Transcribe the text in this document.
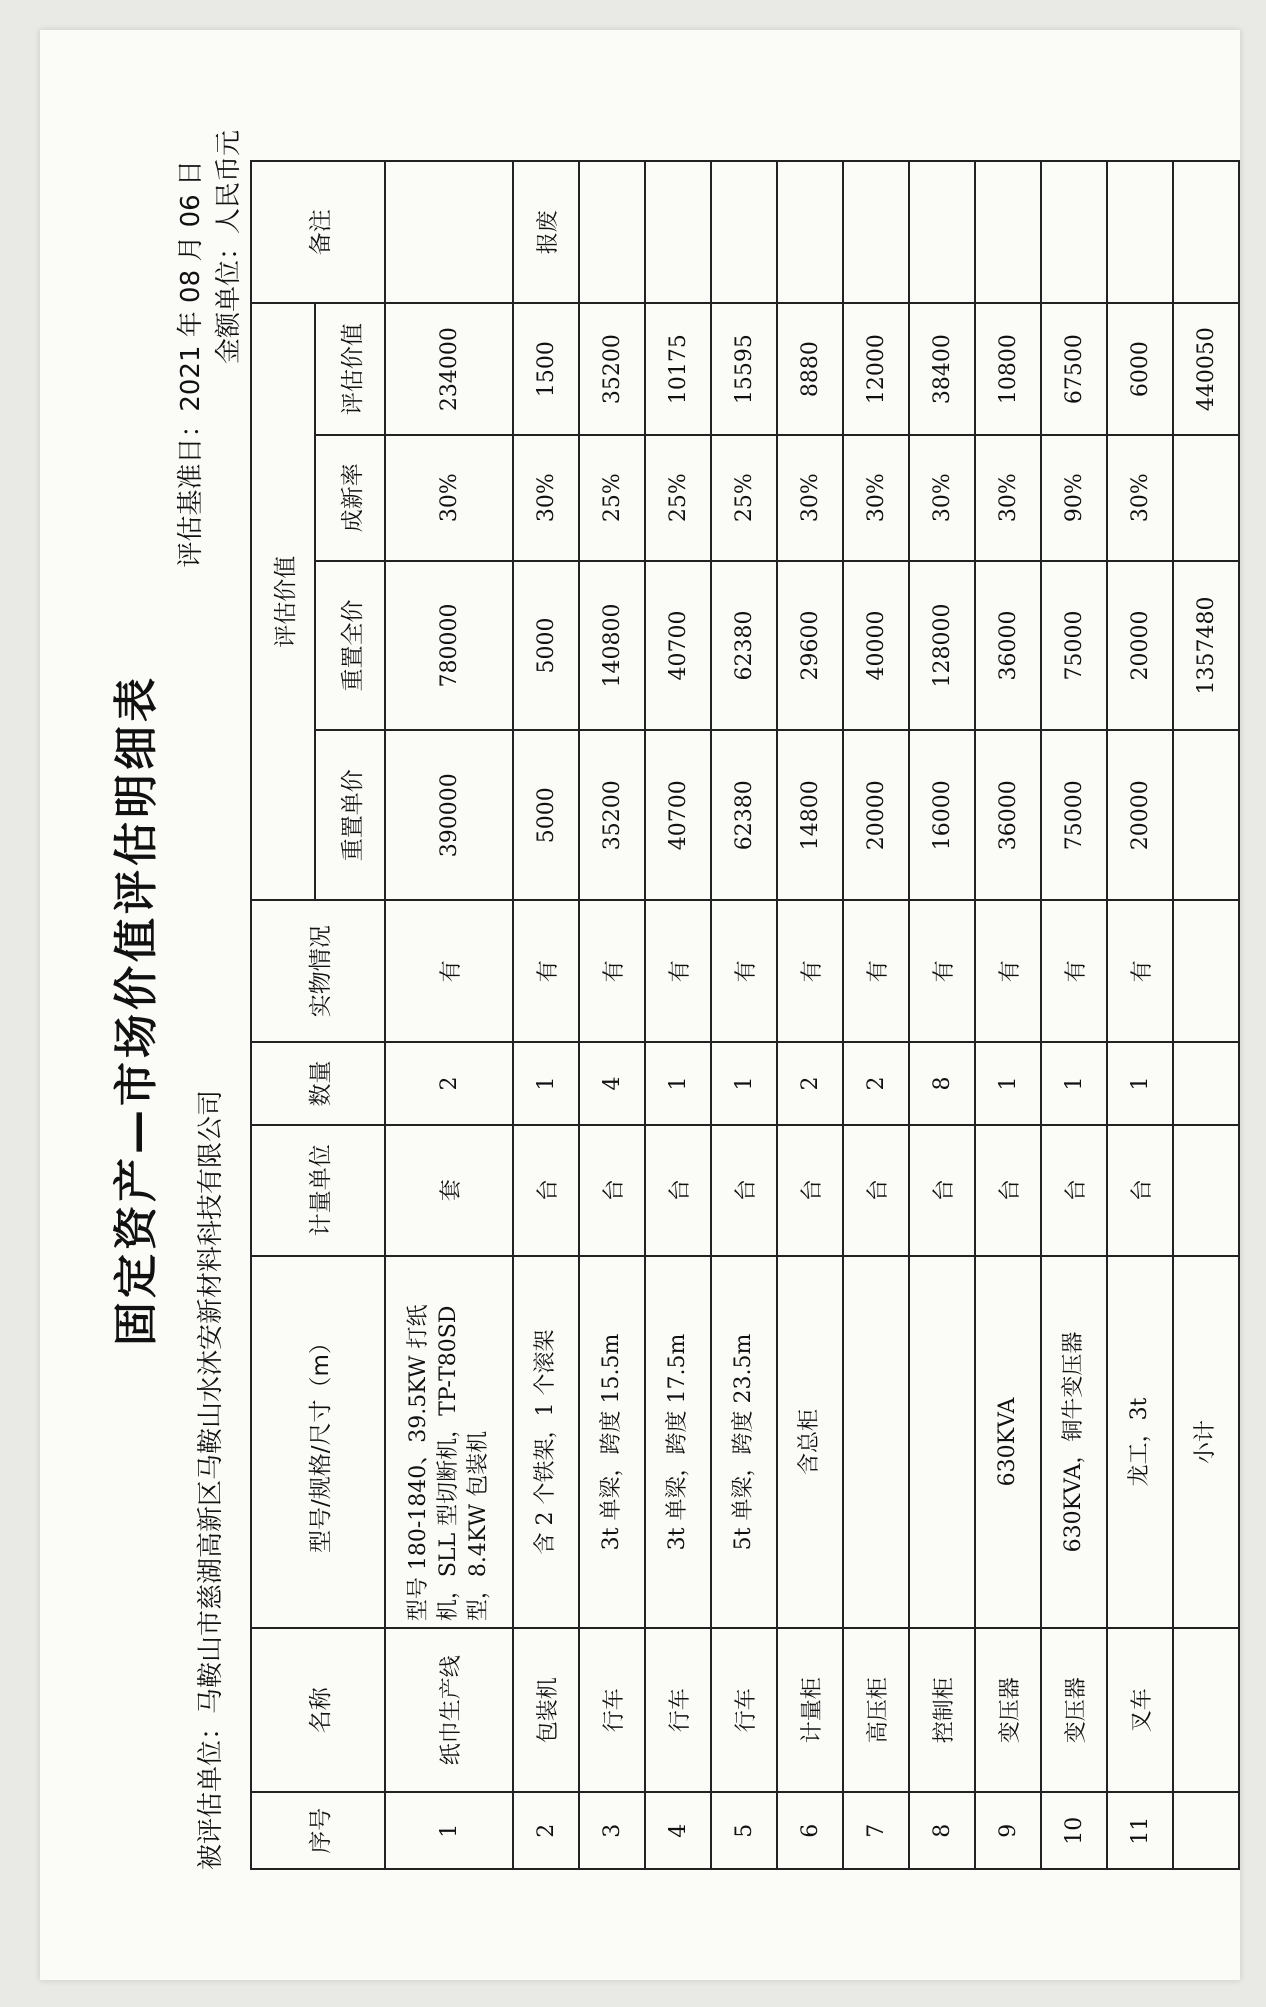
固定资产—市场价值评估明细表
被评估单位：马鞍山市慈湖高新区马鞍山水沐安新材料科技有限公司
评估基准日：2021 年 08 月 06 日 金额单位：人民币元
序号	名称	型号/规格/尺寸（m）	计量单位	数量	实物情况	评估价值				备注
						重置单价	重置全价	成新率	评估价值	
1	纸巾生产线	型号 180-1840、39.5KW 打纸机，SLL 型切断机，TP-T80SD 型，8.4KW 包装机	套	2	有	390000	780000	30%	234000	
2	包装机	含 2 个铁架，1 个滚架	台	1	有	5000	5000	30%	1500	报废
3	行车	3t 单梁，跨度 15.5m	台	4	有	35200	140800	25%	35200	
4	行车	3t 单梁，跨度 17.5m	台	1	有	40700	40700	25%	10175	
5	行车	5t 单梁，跨度 23.5m	台	1	有	62380	62380	25%	15595	
6	计量柜	含总柜	台	2	有	14800	29600	30%	8880	
7	高压柜		台	2	有	20000	40000	30%	12000	
8	控制柜		台	8	有	16000	128000	30%	38400	
9	变压器	630KVA	台	1	有	36000	36000	30%	10800	
10	变压器	630KVA，铜牛变压器	台	1	有	75000	75000	90%	67500	
11	叉车	龙工，3t	台	1	有	20000	20000	30%	6000	
		小计					1357480		440050	
